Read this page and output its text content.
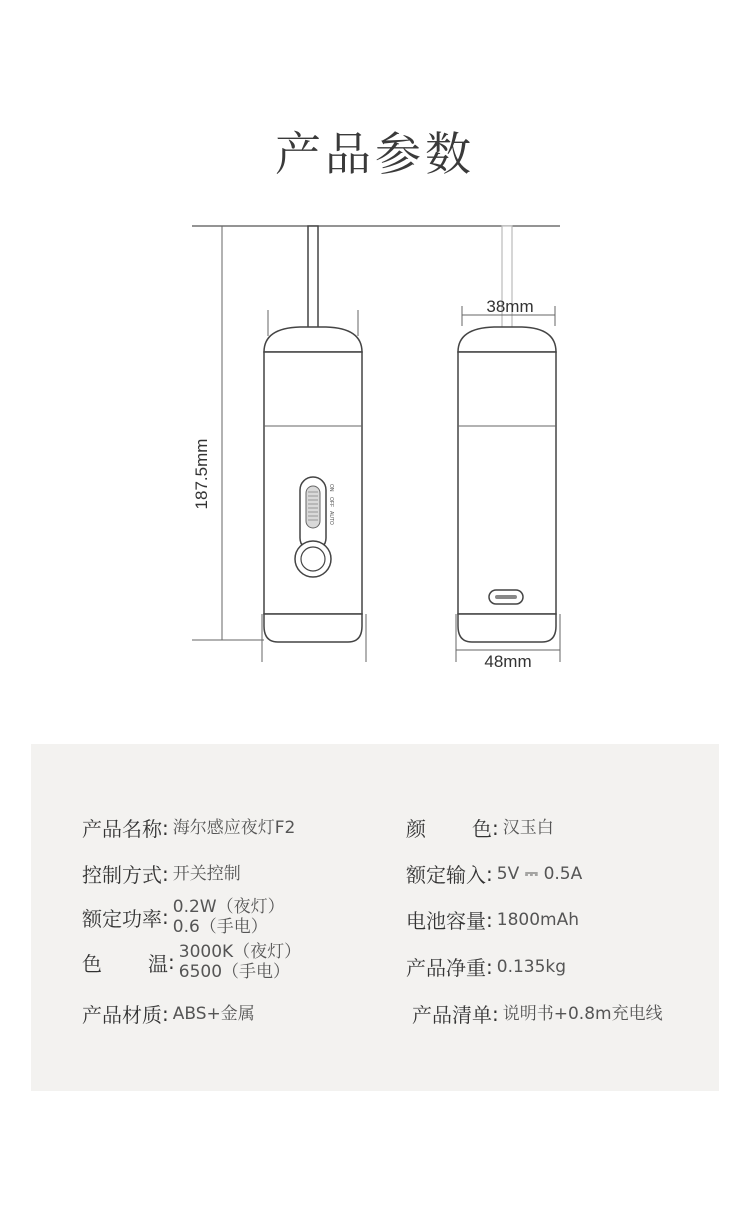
产品参数
187.5mm	ON
OFF
AUTO
38mm
48mm
产品名称 : 海尔感应夜灯F2
控制方式 : 开关控制
额定功率 : 0.2W（夜灯）
0.6（手电）
色 温 : 3000K（夜灯）
6500（手电）
产品材质 : ABS+金属
颜 色 : 汉玉白
额定输入 : 5V ⎓ 0.5A
电池容量 : 1800mAh
产品净重 : 0.135kg
产品清单 : 说明书+0.8m充电线
